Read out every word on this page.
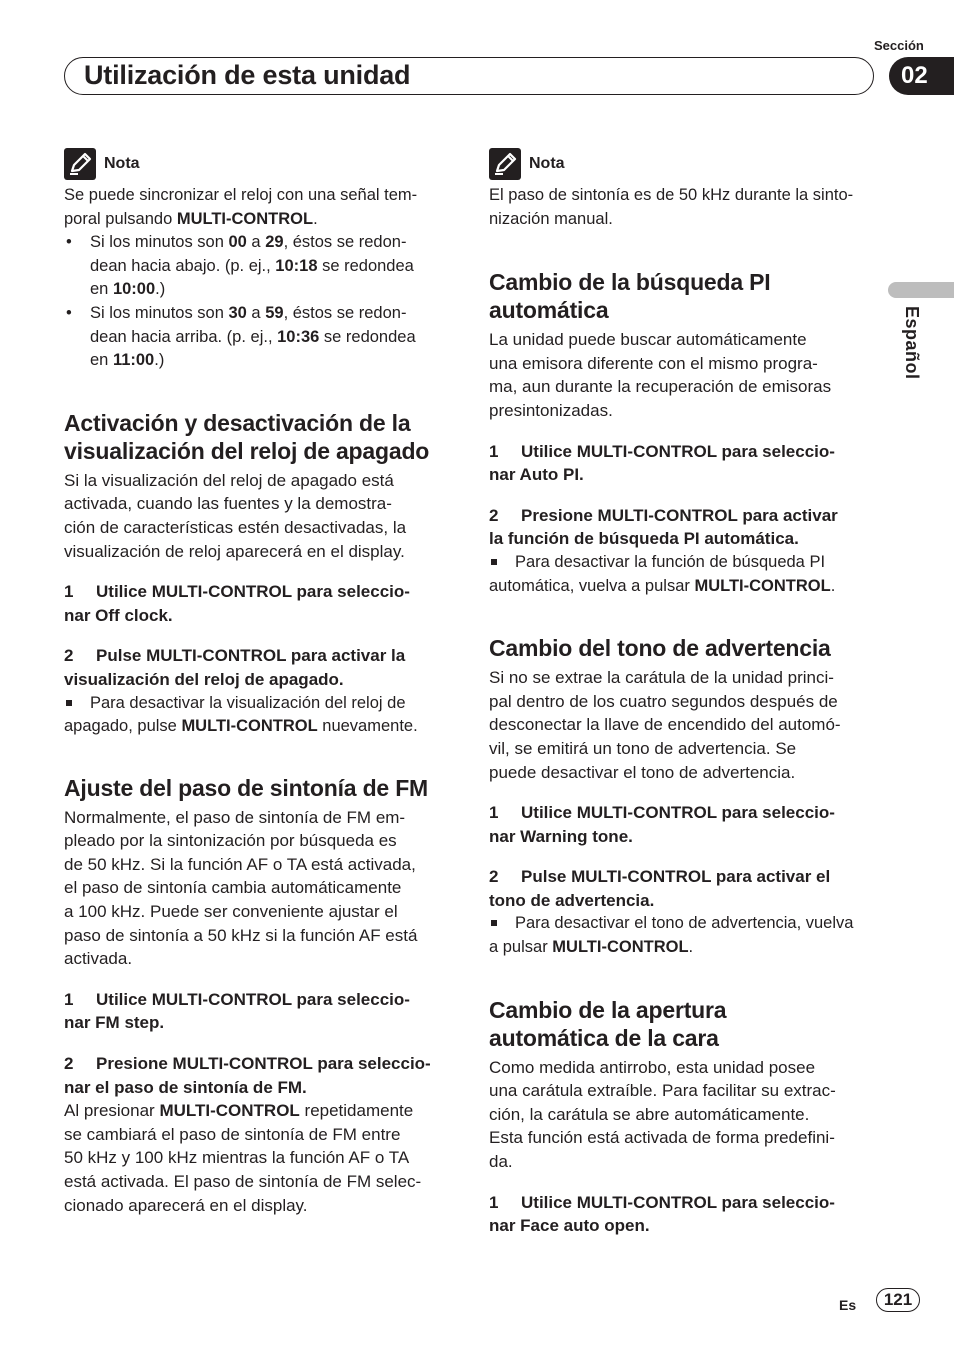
Sección
Utilización de esta unidad	02
Español
Nota

Se puede sincronizar el reloj con una señal tem-
poral pulsando MULTI-CONTROL.

• Si los minutos son 00 a 29, éstos se redon-
dean hacia abajo. (p. ej., 10:18 se redondea
en 10:00.)

• Si los minutos son 30 a 59, éstos se redon-
dean hacia arriba. (p. ej., 10:36 se redondea
en 11:00.)

Activación y desactivación de la
visualización del reloj de apagado

Si la visualización del reloj de apagado está
activada, cuando las fuentes y la demostra-
ción de características estén desactivadas, la
visualización de reloj aparecerá en el display.

1 Utilice MULTI-CONTROL para seleccio-
nar Off clock.

2 Pulse MULTI-CONTROL para activar la
visualización del reloj de apagado.

Para desactivar la visualización del reloj de
apagado, pulse MULTI-CONTROL nuevamente.

Ajuste del paso de sintonía de FM

Normalmente, el paso de sintonía de FM em-
pleado por la sintonización por búsqueda es
de 50 kHz. Si la función AF o TA está activada,
el paso de sintonía cambia automáticamente
a 100 kHz. Puede ser conveniente ajustar el
paso de sintonía a 50 kHz si la función AF está
activada.

1 Utilice MULTI-CONTROL para seleccio-
nar FM step.

2 Presione MULTI-CONTROL para seleccio-
nar el paso de sintonía de FM.

Al presionar MULTI-CONTROL repetidamente
se cambiará el paso de sintonía de FM entre
50 kHz y 100 kHz mientras la función AF o TA
está activada. El paso de sintonía de FM selec-
cionado aparecerá en el display.

Nota

El paso de sintonía es de 50 kHz durante la sinto-
nización manual.

Cambio de la búsqueda PI
automática

La unidad puede buscar automáticamente
una emisora diferente con el mismo progra-
ma, aun durante la recuperación de emisoras
presintonizadas.

1 Utilice MULTI-CONTROL para seleccio-
nar Auto PI.

2 Presione MULTI-CONTROL para activar
la función de búsqueda PI automática.

Para desactivar la función de búsqueda PI
automática, vuelva a pulsar MULTI-CONTROL.

Cambio del tono de advertencia

Si no se extrae la carátula de la unidad princi-
pal dentro de los cuatro segundos después de
desconectar la llave de encendido del automó-
vil, se emitirá un tono de advertencia. Se
puede desactivar el tono de advertencia.

1 Utilice MULTI-CONTROL para seleccio-
nar Warning tone.

2 Pulse MULTI-CONTROL para activar el
tono de advertencia.

Para desactivar el tono de advertencia, vuelva
a pulsar MULTI-CONTROL.

Cambio de la apertura
automática de la cara

Como medida antirrobo, esta unidad posee
una carátula extraíble. Para facilitar su extrac-
ción, la carátula se abre automáticamente.
Esta función está activada de forma predefini-
da.

1 Utilice MULTI-CONTROL para seleccio-
nar Face auto open.

Es	121
